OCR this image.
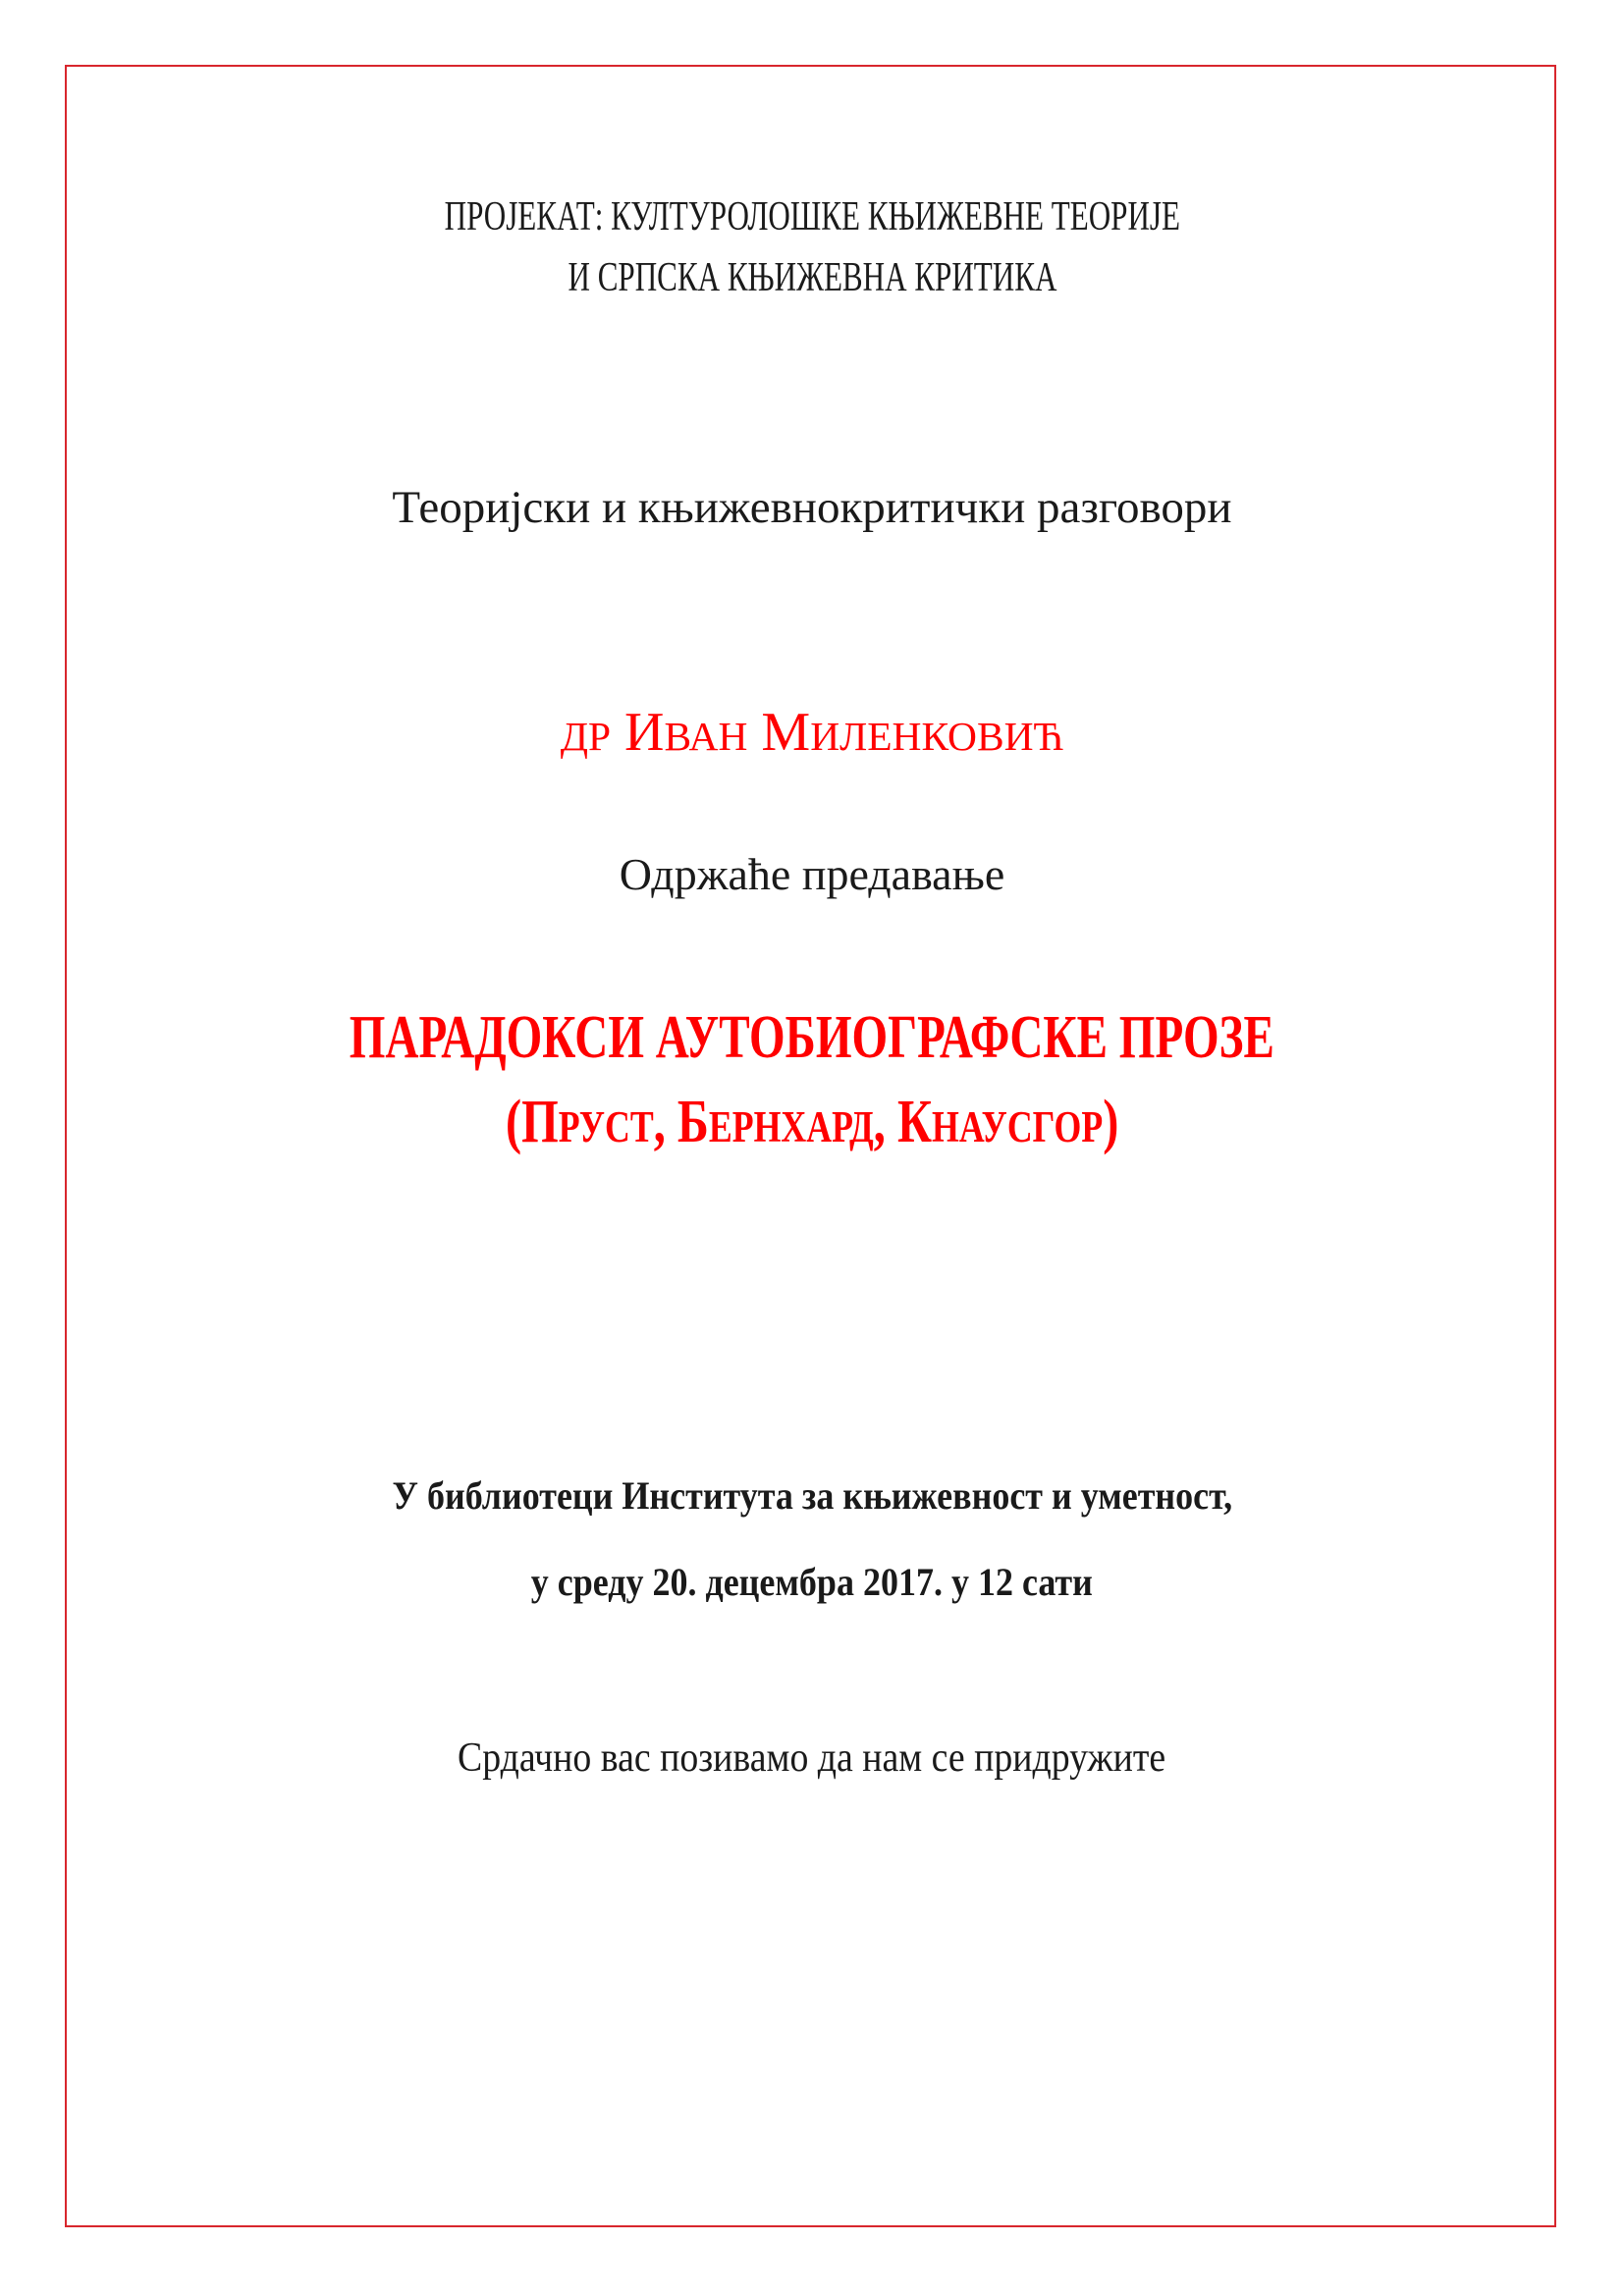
ПРОЈЕКАТ: КУЛТУРОЛОШКЕ КЊИЖЕВНЕ ТЕОРИЈЕ
И СРПСКА КЊИЖЕВНА КРИТИКА
Теоријски и књижевнокритички разговори
ДР ИВАН МИЛЕНКОВИЋ
Одржаће предавање
ПАРАДОКСИ АУТОБИОГРАФСКЕ ПРОЗЕ
(ПРУСТ, БЕРНХАРД, КНАУСГОР)
У библиотеци Института за књижевност и уметност,
у среду 20. децембра 2017. у 12 сати
Срдачно вас позивамо да нам се придружите
